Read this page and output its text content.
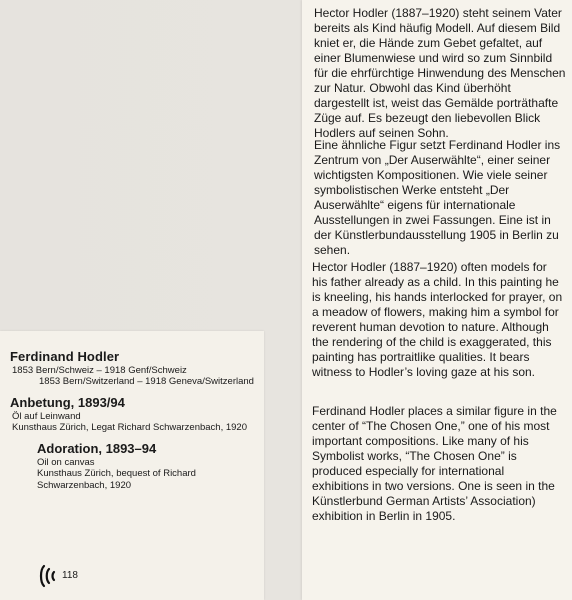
Ferdinand Hodler
1853 Bern/Schweiz – 1918 Genf/Schweiz
1853 Bern/Switzerland – 1918 Geneva/Switzerland
Anbetung, 1893/94
Öl auf Leinwand
Kunsthaus Zürich, Legat Richard Schwarzenbach, 1920
Adoration, 1893–94
Oil on canvas
Kunsthaus Zürich, bequest of Richard Schwarzenbach, 1920
118

Hector Hodler (1887–1920) steht seinem Vater bereits als Kind häufig Modell. Auf diesem Bild kniet er, die Hände zum Gebet gefaltet, auf einer Blumenwiese und wird so zum Sinnbild für die ehrfürchtige Hinwendung des Menschen zur Natur. Obwohl das Kind überhöht dargestellt ist, weist das Gemälde porträthafte Züge auf. Es bezeugt den liebevollen Blick Hodlers auf seinen Sohn.

Eine ähnliche Figur setzt Ferdinand Hodler ins Zentrum von „Der Auserwählte“, einer seiner wichtigsten Kompositionen. Wie viele seiner symbolistischen Werke entsteht „Der Auserwählte“ eigens für internationale Ausstellungen in zwei Fassungen. Eine ist in der Künstlerbundausstellung 1905 in Berlin zu sehen.

Hector Hodler (1887–1920) often models for his father already as a child. In this painting he is kneeling, his hands interlocked for prayer, on a meadow of flowers, making him a symbol for reverent human devotion to nature. Although the rendering of the child is exaggerated, this painting has portraitlike qualities. It bears witness to Hodler’s loving gaze at his son.

Ferdinand Hodler places a similar figure in the center of “The Chosen One,” one of his most important compositions. Like many of his Symbolist works, “The Chosen One” is produced especially for international exhibitions in two versions. One is seen in the Künstlerbund German Artists’ Association) exhibition in Berlin in 1905.
